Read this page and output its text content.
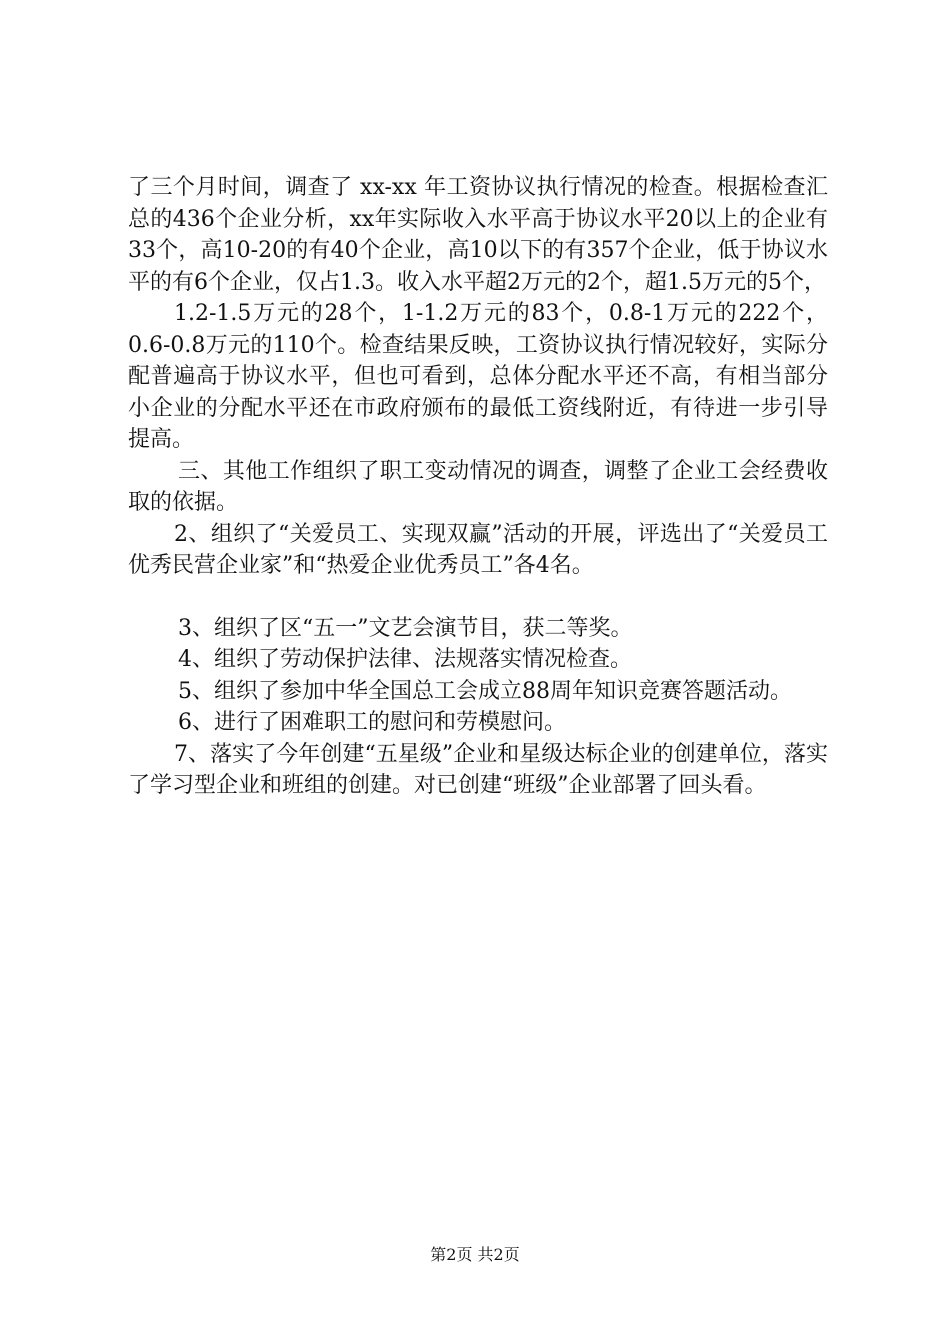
了三个月时间，调查了 xx-xx 年工资协议执行情况的检查。根据检查汇总的436个企业分析，xx年实际收入水平高于协议水平20以上的企业有33个，高10-20的有40个企业，高10以下的有357个企业，低于协议水平的有6个企业，仅占1.3。收入水平超2万元的2个，超1.5万元的5个，

1.2-1.5万元的28个，1-1.2万元的83个，0.8-1万元的222个，0.6-0.8万元的110个。检查结果反映，工资协议执行情况较好，实际分配普遍高于协议水平，但也可看到，总体分配水平还不高，有相当部分小企业的分配水平还在市政府颁布的最低工资线附近，有待进一步引导提高。

三、其他工作组织了职工变动情况的调查，调整了企业工会经费收取的依据。

2、组织了“关爱员工、实现双赢”活动的开展，评选出了“关爱员工优秀民营企业家”和“热爱企业优秀员工”各4名。

3、组织了区“五一”文艺会演节目，获二等奖。

4、组织了劳动保护法律、法规落实情况检查。

5、组织了参加中华全国总工会成立88周年知识竞赛答题活动。

6、进行了困难职工的慰问和劳模慰问。

7、落实了今年创建“五星级”企业和星级达标企业的创建单位，落实了学习型企业和班组的创建。对已创建“班级”企业部署了回头看。

第2页 共2页
